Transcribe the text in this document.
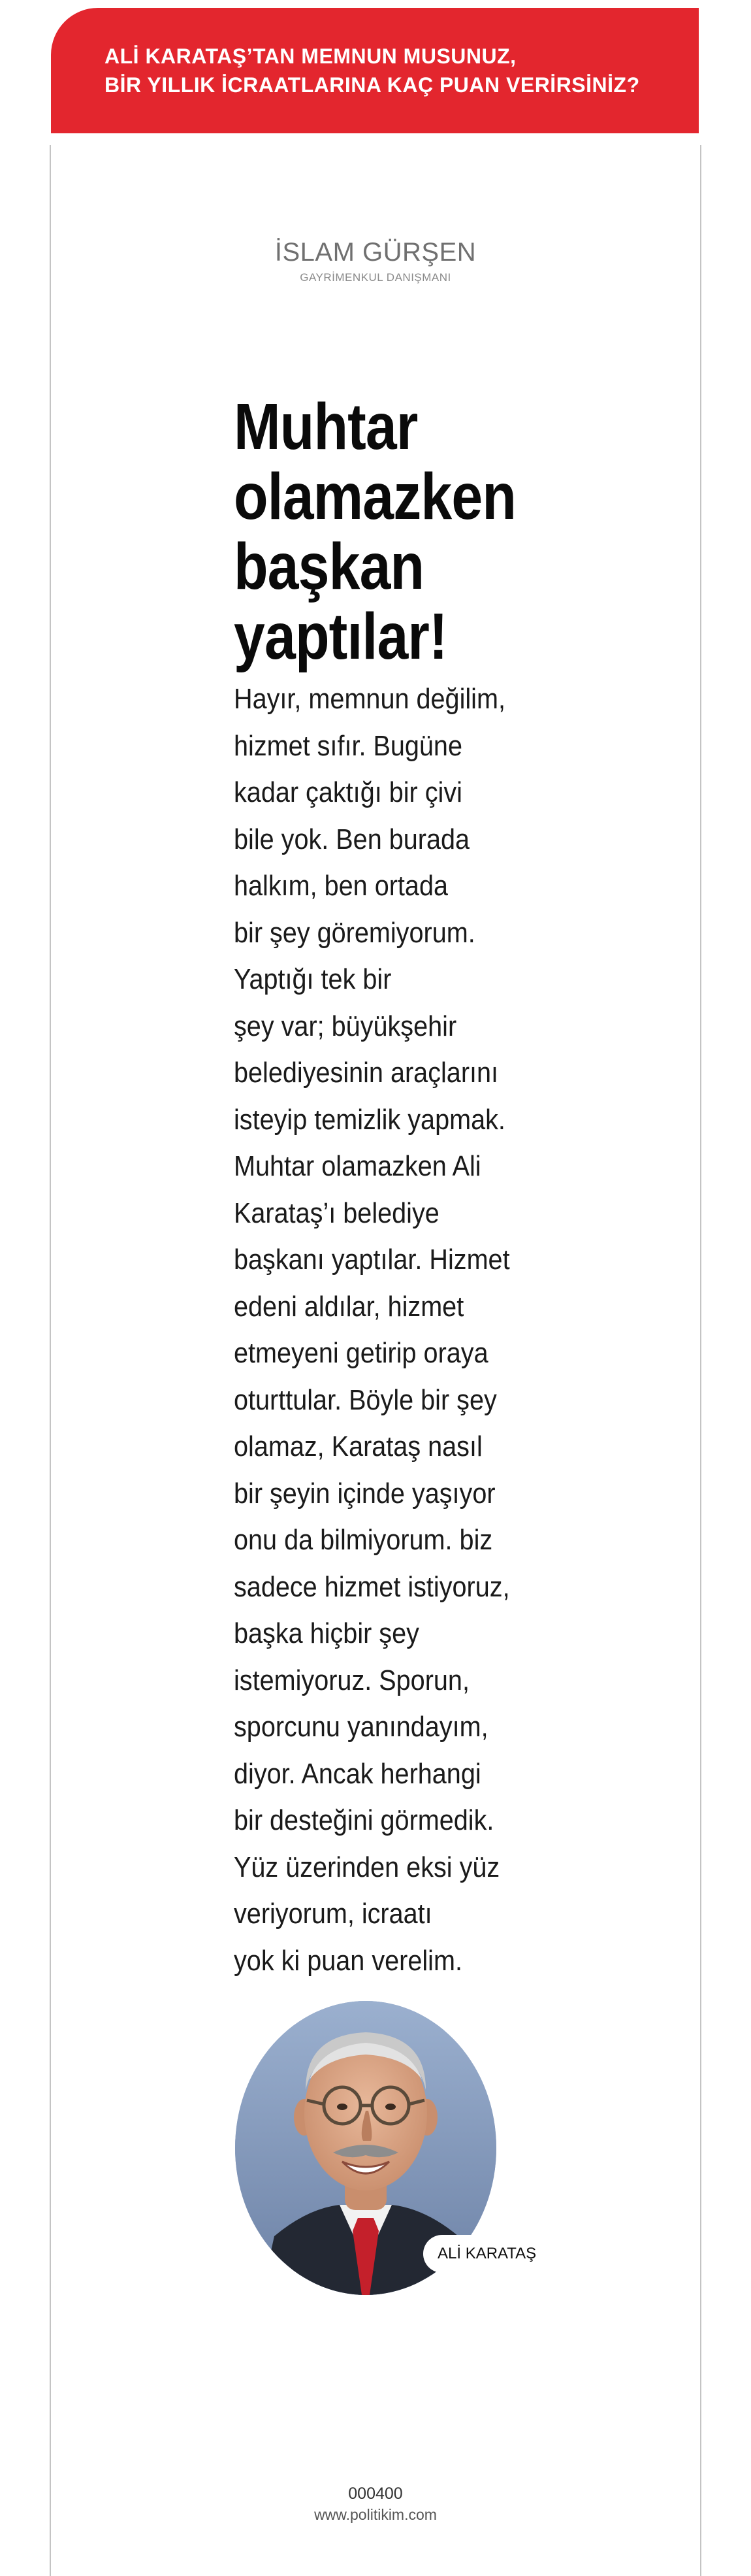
ALİ KARATAŞ’TAN MEMNUN MUSUNUZ,
BİR YILLIK İCRAATLARINA KAÇ PUAN VERİRSİNİZ?
İSLAM GÜRŞEN
GAYRİMENKUL DANIŞMANI
Muhtar olamazken başkan yaptılar!
Hayır, memnun değilim,
hizmet sıfır. Bugüne
kadar çaktığı bir çivi
bile yok. Ben burada
halkım, ben ortada
bir şey göremiyorum.
Yaptığı tek bir
şey var; büyükşehir
belediyesinin araçlarını
isteyip temizlik yapmak.
Muhtar olamazken Ali
Karataş’ı belediye
başkanı yaptılar. Hizmet
edeni aldılar, hizmet
etmeyeni getirip oraya
oturttular. Böyle bir şey
olamaz, Karataş nasıl
bir şeyin içinde yaşıyor
onu da bilmiyorum. biz
sadece hizmet istiyoruz,
başka hiçbir şey
istemiyoruz. Sporun,
sporcunu yanındayım,
diyor. Ancak herhangi
bir desteğini görmedik.
Yüz üzerinden eksi yüz
veriyorum, icraatı
yok ki puan verelim.
ALİ KARATAŞ
000400
www.politikim.com
